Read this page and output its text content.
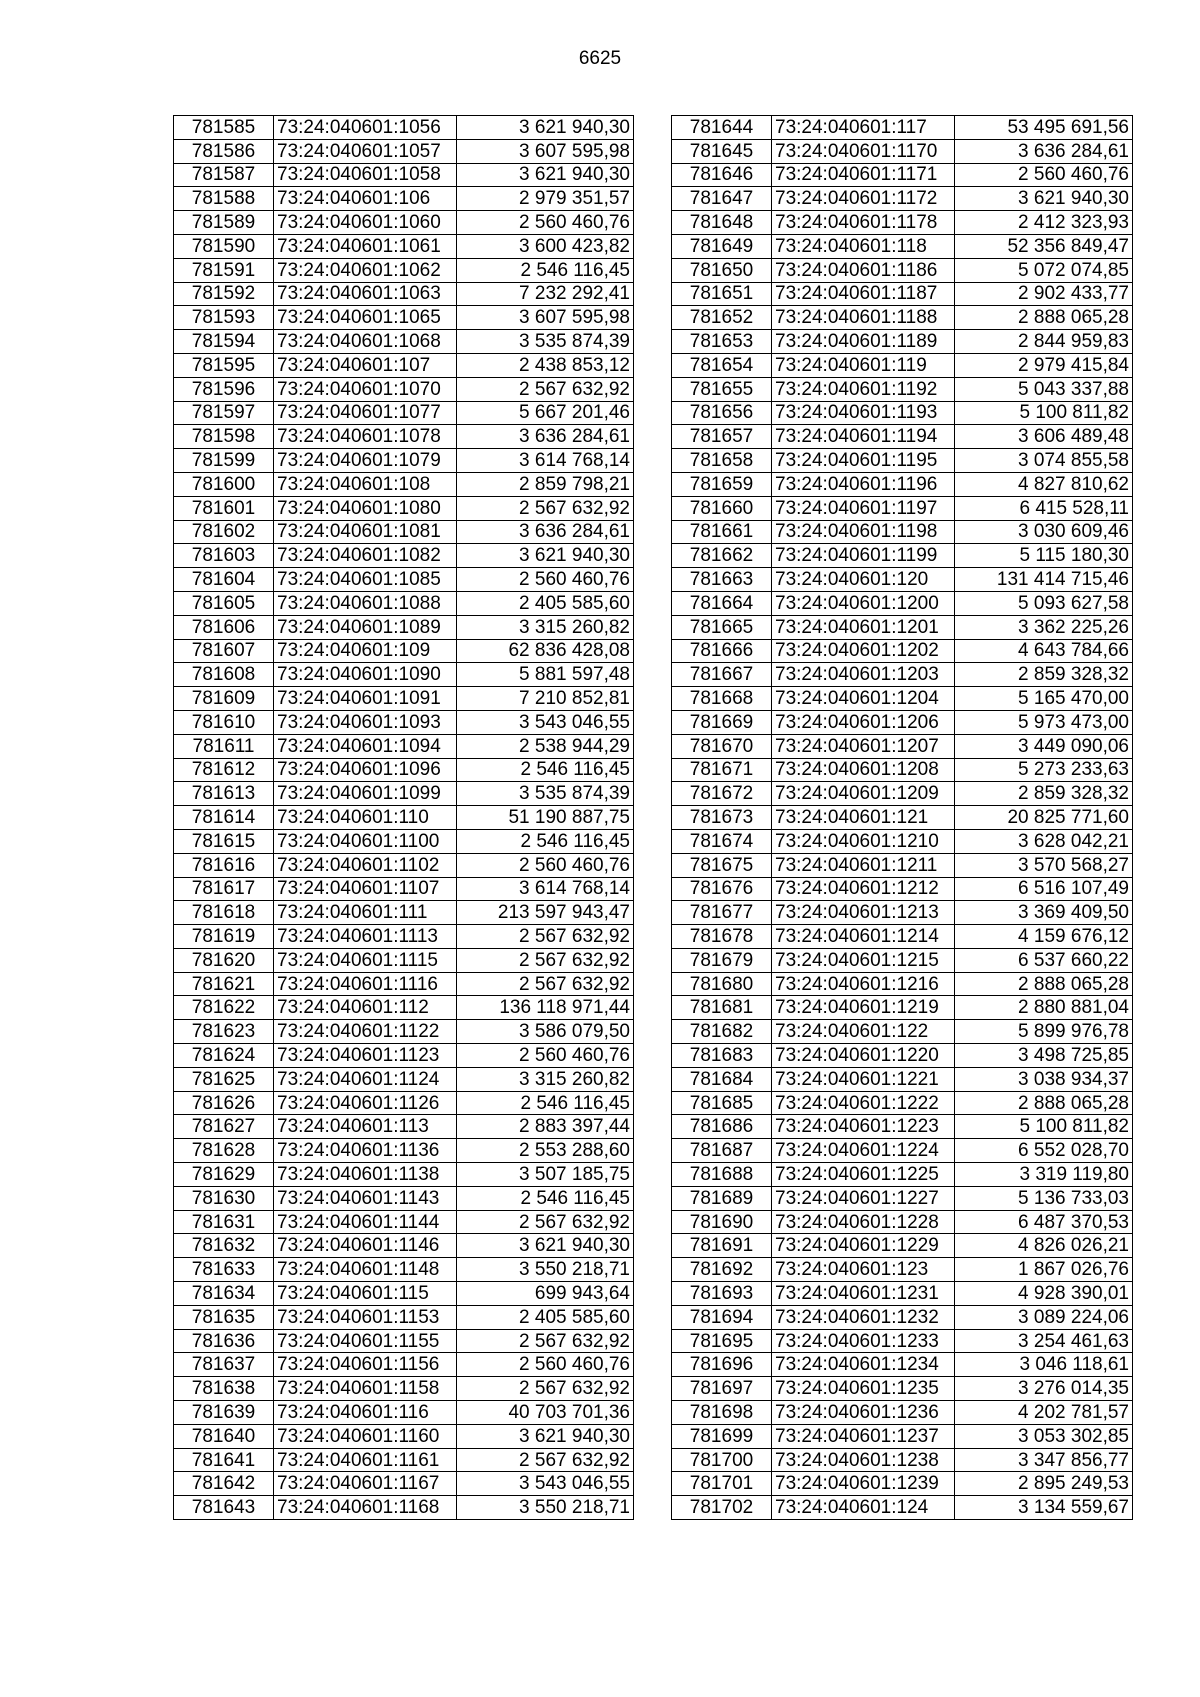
6625
781585	73:24:040601:1056	3 621 940,30
781586	73:24:040601:1057	3 607 595,98
781587	73:24:040601:1058	3 621 940,30
781588	73:24:040601:106	2 979 351,57
781589	73:24:040601:1060	2 560 460,76
781590	73:24:040601:1061	3 600 423,82
781591	73:24:040601:1062	2 546 116,45
781592	73:24:040601:1063	7 232 292,41
781593	73:24:040601:1065	3 607 595,98
781594	73:24:040601:1068	3 535 874,39
781595	73:24:040601:107	2 438 853,12
781596	73:24:040601:1070	2 567 632,92
781597	73:24:040601:1077	5 667 201,46
781598	73:24:040601:1078	3 636 284,61
781599	73:24:040601:1079	3 614 768,14
781600	73:24:040601:108	2 859 798,21
781601	73:24:040601:1080	2 567 632,92
781602	73:24:040601:1081	3 636 284,61
781603	73:24:040601:1082	3 621 940,30
781604	73:24:040601:1085	2 560 460,76
781605	73:24:040601:1088	2 405 585,60
781606	73:24:040601:1089	3 315 260,82
781607	73:24:040601:109	62 836 428,08
781608	73:24:040601:1090	5 881 597,48
781609	73:24:040601:1091	7 210 852,81
781610	73:24:040601:1093	3 543 046,55
781611	73:24:040601:1094	2 538 944,29
781612	73:24:040601:1096	2 546 116,45
781613	73:24:040601:1099	3 535 874,39
781614	73:24:040601:110	51 190 887,75
781615	73:24:040601:1100	2 546 116,45
781616	73:24:040601:1102	2 560 460,76
781617	73:24:040601:1107	3 614 768,14
781618	73:24:040601:111	213 597 943,47
781619	73:24:040601:1113	2 567 632,92
781620	73:24:040601:1115	2 567 632,92
781621	73:24:040601:1116	2 567 632,92
781622	73:24:040601:112	136 118 971,44
781623	73:24:040601:1122	3 586 079,50
781624	73:24:040601:1123	2 560 460,76
781625	73:24:040601:1124	3 315 260,82
781626	73:24:040601:1126	2 546 116,45
781627	73:24:040601:113	2 883 397,44
781628	73:24:040601:1136	2 553 288,60
781629	73:24:040601:1138	3 507 185,75
781630	73:24:040601:1143	2 546 116,45
781631	73:24:040601:1144	2 567 632,92
781632	73:24:040601:1146	3 621 940,30
781633	73:24:040601:1148	3 550 218,71
781634	73:24:040601:115	699 943,64
781635	73:24:040601:1153	2 405 585,60
781636	73:24:040601:1155	2 567 632,92
781637	73:24:040601:1156	2 560 460,76
781638	73:24:040601:1158	2 567 632,92
781639	73:24:040601:116	40 703 701,36
781640	73:24:040601:1160	3 621 940,30
781641	73:24:040601:1161	2 567 632,92
781642	73:24:040601:1167	3 543 046,55
781643	73:24:040601:1168	3 550 218,71
781644	73:24:040601:117	53 495 691,56
781645	73:24:040601:1170	3 636 284,61
781646	73:24:040601:1171	2 560 460,76
781647	73:24:040601:1172	3 621 940,30
781648	73:24:040601:1178	2 412 323,93
781649	73:24:040601:118	52 356 849,47
781650	73:24:040601:1186	5 072 074,85
781651	73:24:040601:1187	2 902 433,77
781652	73:24:040601:1188	2 888 065,28
781653	73:24:040601:1189	2 844 959,83
781654	73:24:040601:119	2 979 415,84
781655	73:24:040601:1192	5 043 337,88
781656	73:24:040601:1193	5 100 811,82
781657	73:24:040601:1194	3 606 489,48
781658	73:24:040601:1195	3 074 855,58
781659	73:24:040601:1196	4 827 810,62
781660	73:24:040601:1197	6 415 528,11
781661	73:24:040601:1198	3 030 609,46
781662	73:24:040601:1199	5 115 180,30
781663	73:24:040601:120	131 414 715,46
781664	73:24:040601:1200	5 093 627,58
781665	73:24:040601:1201	3 362 225,26
781666	73:24:040601:1202	4 643 784,66
781667	73:24:040601:1203	2 859 328,32
781668	73:24:040601:1204	5 165 470,00
781669	73:24:040601:1206	5 973 473,00
781670	73:24:040601:1207	3 449 090,06
781671	73:24:040601:1208	5 273 233,63
781672	73:24:040601:1209	2 859 328,32
781673	73:24:040601:121	20 825 771,60
781674	73:24:040601:1210	3 628 042,21
781675	73:24:040601:1211	3 570 568,27
781676	73:24:040601:1212	6 516 107,49
781677	73:24:040601:1213	3 369 409,50
781678	73:24:040601:1214	4 159 676,12
781679	73:24:040601:1215	6 537 660,22
781680	73:24:040601:1216	2 888 065,28
781681	73:24:040601:1219	2 880 881,04
781682	73:24:040601:122	5 899 976,78
781683	73:24:040601:1220	3 498 725,85
781684	73:24:040601:1221	3 038 934,37
781685	73:24:040601:1222	2 888 065,28
781686	73:24:040601:1223	5 100 811,82
781687	73:24:040601:1224	6 552 028,70
781688	73:24:040601:1225	3 319 119,80
781689	73:24:040601:1227	5 136 733,03
781690	73:24:040601:1228	6 487 370,53
781691	73:24:040601:1229	4 826 026,21
781692	73:24:040601:123	1 867 026,76
781693	73:24:040601:1231	4 928 390,01
781694	73:24:040601:1232	3 089 224,06
781695	73:24:040601:1233	3 254 461,63
781696	73:24:040601:1234	3 046 118,61
781697	73:24:040601:1235	3 276 014,35
781698	73:24:040601:1236	4 202 781,57
781699	73:24:040601:1237	3 053 302,85
781700	73:24:040601:1238	3 347 856,77
781701	73:24:040601:1239	2 895 249,53
781702	73:24:040601:124	3 134 559,67
